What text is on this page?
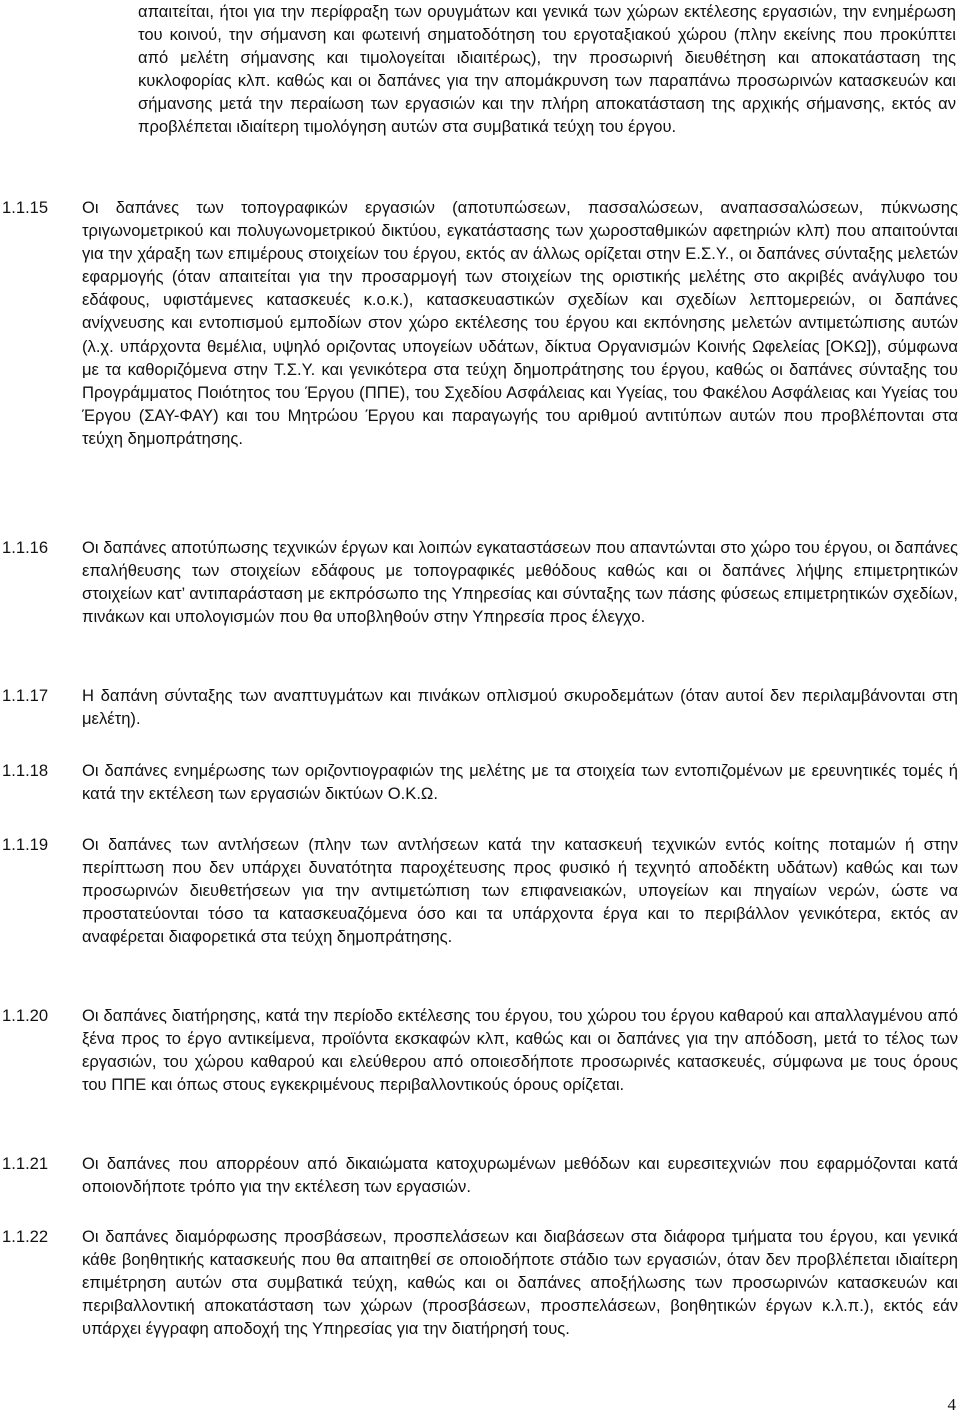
απαιτείται, ήτοι για την περίφραξη των ορυγμάτων και γενικά των χώρων εκτέλεσης εργασιών, την ενημέρωση του κοινού, την σήμανση και φωτεινή σηματοδότηση του εργοταξιακού χώρου (πλην εκείνης που προκύπτει από μελέτη σήμανσης και τιμολογείται ιδιαιτέρως), την προσωρινή διευθέτηση και αποκατάσταση της κυκλοφορίας κλπ. καθώς και οι δαπάνες για την απομάκρυνση των παραπάνω προσωρινών κατασκευών και σήμανσης μετά την περαίωση των εργασιών και την πλήρη αποκατάσταση της αρχικής σήμανσης, εκτός αν προβλέπεται ιδιαίτερη τιμολόγηση αυτών στα συμβατικά τεύχη του έργου.

1.1.15	Οι δαπάνες των τοπογραφικών εργασιών (αποτυπώσεων, πασσαλώσεων, αναπασσαλώσεων, πύκνωσης τριγωνομετρικού και πολυγωνομετρικού δικτύου, εγκατάστασης των χωροσταθμικών αφετηριών κλπ) που απαιτούνται για την χάραξη των επιμέρους στοιχείων του έργου, εκτός αν άλλως ορίζεται στην Ε.Σ.Υ., οι δαπάνες σύνταξης μελετών εφαρμογής (όταν απαιτείται για την προσαρμογή των στοιχείων της οριστικής μελέτης στο ακριβές ανάγλυφο του εδάφους, υφιστάμενες κατασκευές κ.ο.κ.), κατασκευαστικών σχεδίων και σχεδίων λεπτομερειών, οι δαπάνες ανίχνευσης και εντοπισμού εμποδίων στον χώρο εκτέλεσης του έργου και εκπόνησης μελετών αντιμετώπισης αυτών (λ.χ. υπάρχοντα θεμέλια, υψηλό οριζοντας υπογείων υδάτων, δίκτυα Οργανισμών Κοινής Ωφελείας [ΟΚΩ]), σύμφωνα με τα καθοριζόμενα στην Τ.Σ.Υ. και γενικότερα στα τεύχη δημοπράτησης του έργου, καθώς οι δαπάνες σύνταξης του Προγράμματος Ποιότητος του Έργου (ΠΠΕ), του Σχεδίου Ασφάλειας και Υγείας, του Φακέλου Ασφάλειας και Υγείας του Έργου (ΣΑΥ-ΦΑΥ) και του Μητρώου Έργου και παραγωγής του αριθμού αντιτύπων αυτών που προβλέπονται στα τεύχη δημοπράτησης.

1.1.16	Οι δαπάνες αποτύπωσης τεχνικών έργων και λοιπών εγκαταστάσεων που απαντώνται στο χώρο του έργου, οι δαπάνες επαλήθευσης των στοιχείων εδάφους με τοπογραφικές μεθόδους καθώς και οι δαπάνες λήψης επιμετρητικών στοιχείων κατ’ αντιπαράσταση με εκπρόσωπο της Υπηρεσίας και σύνταξης των πάσης φύσεως επιμετρητικών σχεδίων, πινάκων και υπολογισμών που θα υποβληθούν στην Υπηρεσία προς έλεγχο.

1.1.17	Η δαπάνη σύνταξης των αναπτυγμάτων και πινάκων οπλισμού σκυροδεμάτων (όταν αυτοί δεν περιλαμβάνονται στη μελέτη).

1.1.18	Οι δαπάνες ενημέρωσης των οριζοντιογραφιών της μελέτης με τα στοιχεία των εντοπιζομένων με ερευνητικές τομές ή κατά την εκτέλεση των εργασιών δικτύων Ο.Κ.Ω.

1.1.19	Οι δαπάνες των αντλήσεων (πλην των αντλήσεων κατά την κατασκευή τεχνικών εντός κοίτης ποταμών ή στην περίπτωση που δεν υπάρχει δυνατότητα παροχέτευσης προς φυσικό ή τεχνητό αποδέκτη υδάτων) καθώς και των προσωρινών διευθετήσεων για την αντιμετώπιση των επιφανειακών, υπογείων και πηγαίων νερών, ώστε να προστατεύονται τόσο τα κατασκευαζόμενα όσο και τα υπάρχοντα έργα και το περιβάλλον γενικότερα, εκτός αν αναφέρεται διαφορετικά στα τεύχη δημοπράτησης.

1.1.20	Οι δαπάνες διατήρησης, κατά την περίοδο εκτέλεσης του έργου, του χώρου του έργου καθαρού και απαλλαγμένου από ξένα προς το έργο αντικείμενα, προϊόντα εκσκαφών κλπ, καθώς και οι δαπάνες για την απόδοση, μετά το τέλος των εργασιών, του χώρου καθαρού και ελεύθερου από οποιεσδήποτε προσωρινές κατασκευές, σύμφωνα με τους όρους του ΠΠΕ και όπως στους εγκεκριμένους περιβαλλοντικούς όρους ορίζεται.

1.1.21	Οι δαπάνες που απορρέουν από δικαιώματα κατοχυρωμένων μεθόδων και ευρεσιτεχνιών που εφαρμόζονται κατά οποιονδήποτε τρόπο για την εκτέλεση των εργασιών.

1.1.22	Οι δαπάνες διαμόρφωσης προσβάσεων, προσπελάσεων και διαβάσεων στα διάφορα τμήματα του έργου, και γενικά κάθε βοηθητικής κατασκευής που θα απαιτηθεί σε οποιοδήποτε στάδιο των εργασιών, όταν δεν προβλέπεται ιδιαίτερη επιμέτρηση αυτών στα συμβατικά τεύχη, καθώς και οι δαπάνες αποξήλωσης των προσωρινών κατασκευών και περιβαλλοντική αποκατάσταση των χώρων (προσβάσεων, προσπελάσεων, βοηθητικών έργων κ.λ.π.), εκτός εάν υπάρχει έγγραφη αποδοχή της Υπηρεσίας για την διατήρησή τους.

4
